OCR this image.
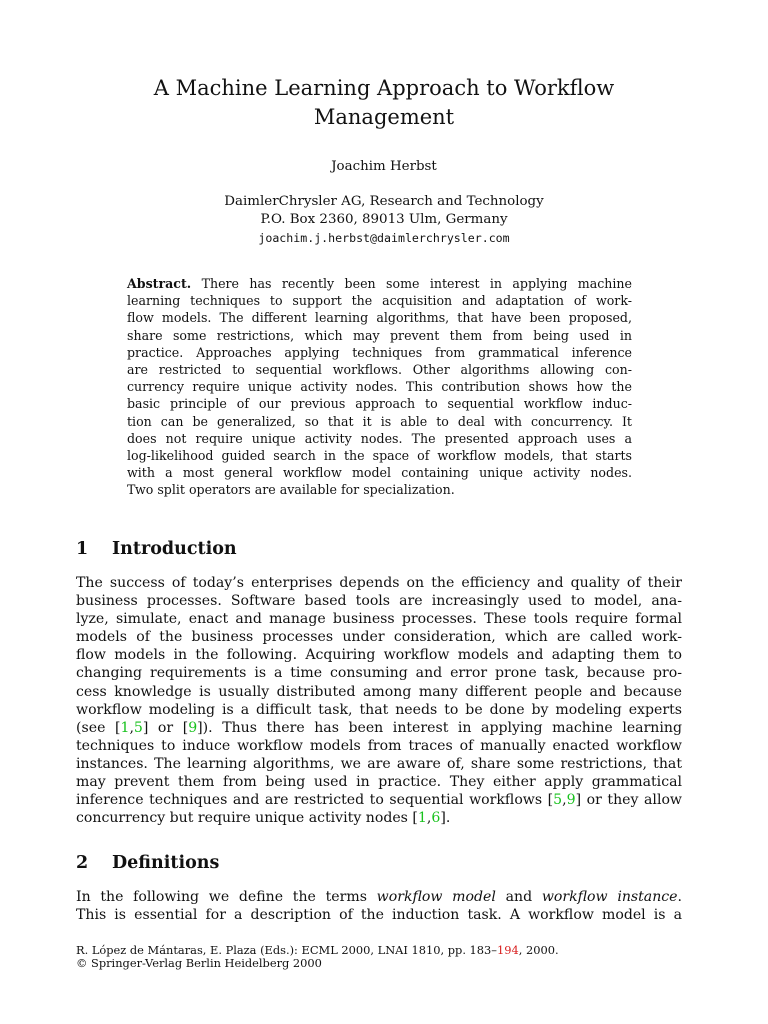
A Machine Learning Approach to Workflow
Management
Joachim Herbst
DaimlerChrysler AG, Research and Technology
P.O. Box 2360, 89013 Ulm, Germany
joachim.j.herbst@daimlerchrysler.com
Abstract. There has recently been some interest in applying machine
learning techniques to support the acquisition and adaptation of work-
flow models. The different learning algorithms, that have been proposed,
share some restrictions, which may prevent them from being used in
practice. Approaches applying techniques from grammatical inference
are restricted to sequential workflows. Other algorithms allowing con-
currency require unique activity nodes. This contribution shows how the
basic principle of our previous approach to sequential workflow induc-
tion can be generalized, so that it is able to deal with concurrency. It
does not require unique activity nodes. The presented approach uses a
log-likelihood guided search in the space of workflow models, that starts
with a most general workflow model containing unique activity nodes.
Two split operators are available for specialization.
1 Introduction
The success of today’s enterprises depends on the efficiency and quality of their
business processes. Software based tools are increasingly used to model, ana-
lyze, simulate, enact and manage business processes. These tools require formal
models of the business processes under consideration, which are called work-
flow models in the following. Acquiring workflow models and adapting them to
changing requirements is a time consuming and error prone task, because pro-
cess knowledge is usually distributed among many different people and because
workflow modeling is a difficult task, that needs to be done by modeling experts
(see [1,5] or [9]). Thus there has been interest in applying machine learning
techniques to induce workflow models from traces of manually enacted workflow
instances. The learning algorithms, we are aware of, share some restrictions, that
may prevent them from being used in practice. They either apply grammatical
inference techniques and are restricted to sequential workflows [5,9] or they allow
concurrency but require unique activity nodes [1,6].
2 Definitions
In the following we define the terms workflow model and workflow instance.
This is essential for a description of the induction task. A workflow model is a
R. López de Mántaras, E. Plaza (Eds.): ECML 2000, LNAI 1810, pp. 183–194, 2000.
© Springer-Verlag Berlin Heidelberg 2000
